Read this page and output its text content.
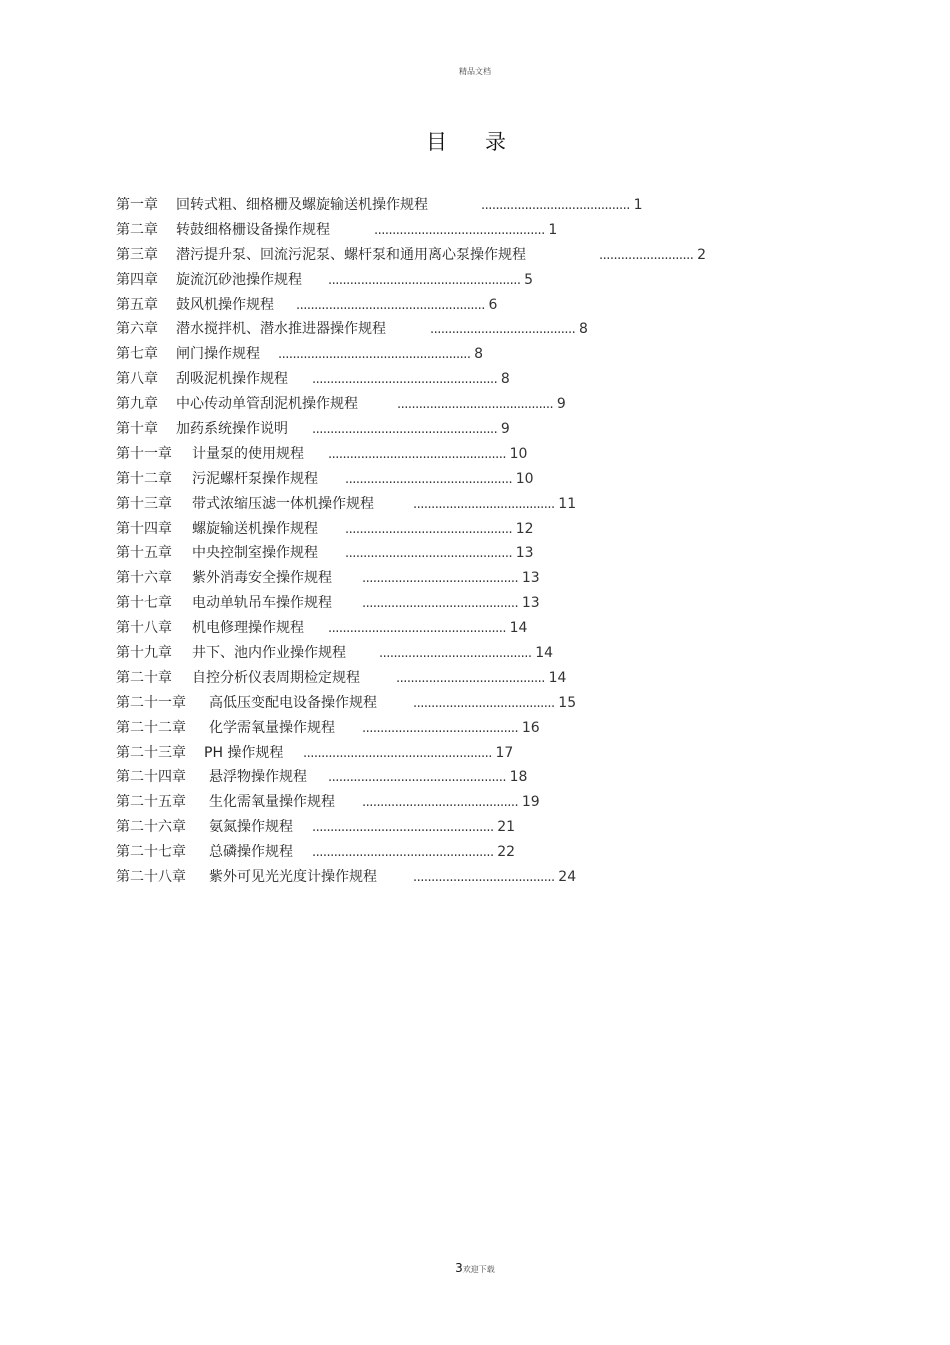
精品文档
目录
第一章 回转式粗、细格栅及螺旋输送机操作规程	......................................... 1
第二章 转鼓细格栅设备操作规程	............................................... 1
第三章 潜污提升泵、回流污泥泵、螺杆泵和通用离心泵操作规程	.......................... 2
第四章 旋流沉砂池操作规程 ..................................................... 5
第五章 鼓风机操作规程 .................................................... 6
第六章 潜水搅拌机、潜水推进器操作规程	........................................ 8
第七章 闸门操作规程 ..................................................... 8
第八章 刮吸泥机操作规程 ................................................... 8
第九章 中心传动单管刮泥机操作规程	........................................... 9
第十章 加药系统操作说明 ................................................... 9
第十一章 计量泵的使用规程 ................................................. 10
第十二章 污泥螺杆泵操作规程 .............................................. 10
第十三章 带式浓缩压滤一体机操作规程	....................................... 11
第十四章 螺旋输送机操作规程 .............................................. 12
第十五章 中央控制室操作规程 .............................................. 13
第十六章 紫外消毒安全操作规程 ........................................... 13
第十七章 电动单轨吊车操作规程 ........................................... 13
第十八章 机电修理操作规程 ................................................. 14
第十九章 井下、池内作业操作规程	.......................................... 14
第二十章 自控分析仪表周期检定规程	......................................... 14
第二十一章 高低压变配电设备操作规程	....................................... 15
第二十二章 化学需氧量操作规程 ........................................... 16
第二十三章 PH 操作规程 .................................................... 17
第二十四章 悬浮物操作规程 ................................................. 18
第二十五章 生化需氧量操作规程 ........................................... 19
第二十六章 氨氮操作规程 .................................................. 21
第二十七章 总磷操作规程 .................................................. 22
第二十八章 紫外可见光光度计操作规程	....................................... 24
3欢迎下载
